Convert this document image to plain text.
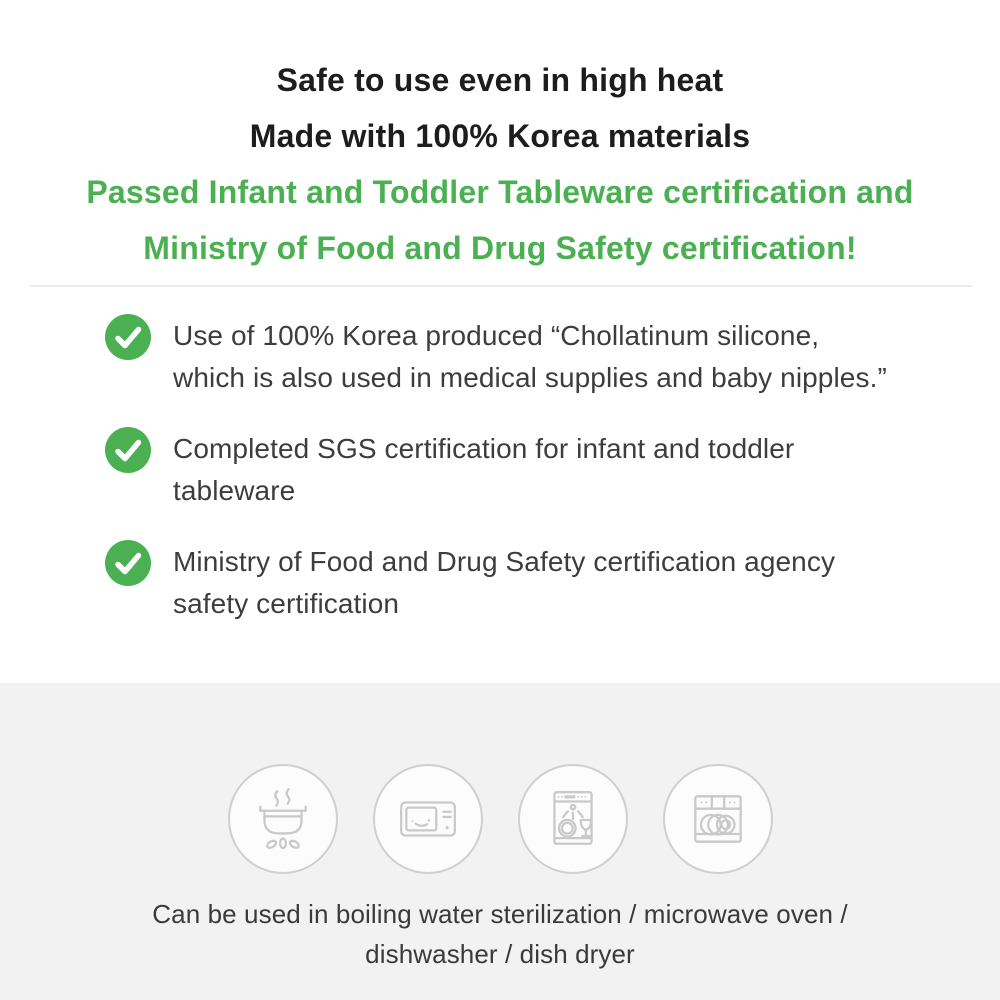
Safe to use even in high heat
Made with 100% Korea materials
Passed Infant and Toddler Tableware certification and
Ministry of Food and Drug Safety certification!
Use of 100% Korea produced “Chollatinum silicone,
which is also used in medical supplies and baby nipples.”
Completed SGS certification for infant and toddler
tableware
Ministry of Food and Drug Safety certification agency
safety certification
Can be used in boiling water sterilization / microwave oven /
dishwasher / dish dryer
